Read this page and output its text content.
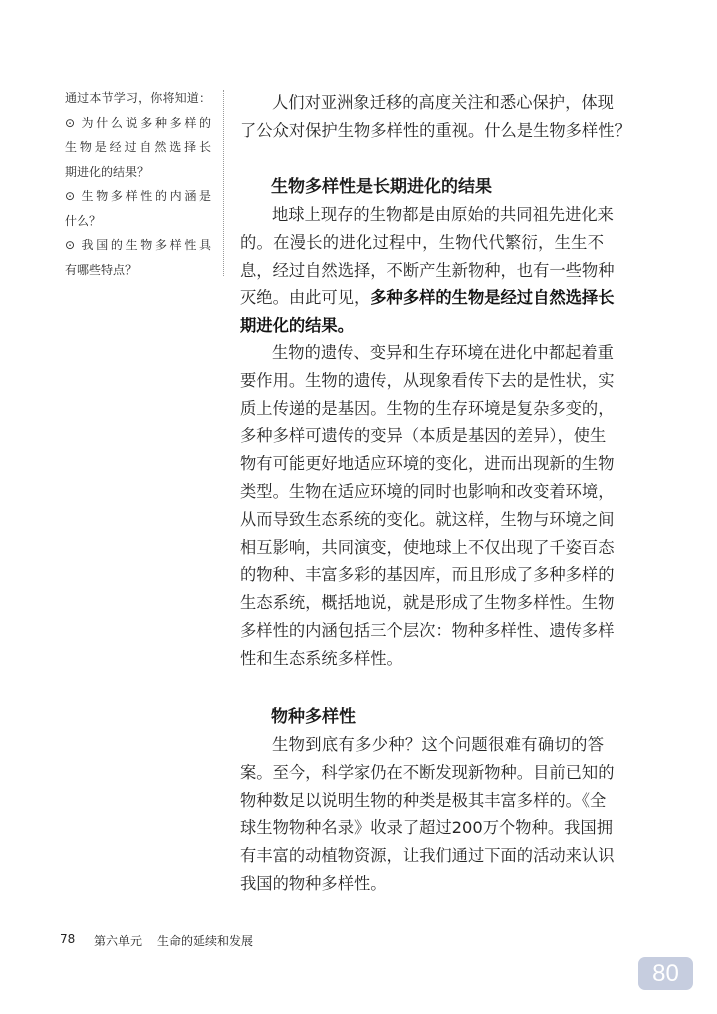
通过本节学习，你将知道：
⊙ 为什么说多种多样的
生物是经过自然选择长
期进化的结果？
⊙ 生物多样性的内涵是
什么？
⊙ 我国的生物多样性具
有哪些特点？
人们对亚洲象迁移的高度关注和悉心保护，体现
了公众对保护生物多样性的重视。什么是生物多样性？
地球上现存的生物都是由原始的共同祖先进化来
的。在漫长的进化过程中，生物代代繁衍，生生不
息，经过自然选择，不断产生新物种，也有一些物种
灭绝。由此可见，多种多样的生物是经过自然选择长
期进化的结果。
生物的遗传、变异和生存环境在进化中都起着重
要作用。生物的遗传，从现象看传下去的是性状，实
质上传递的是基因。生物的生存环境是复杂多变的，
多种多样可遗传的变异（本质是基因的差异），使生
物有可能更好地适应环境的变化，进而出现新的生物
类型。生物在适应环境的同时也影响和改变着环境，
从而导致生态系统的变化。就这样，生物与环境之间
相互影响，共同演变，使地球上不仅出现了千姿百态
的物种、丰富多彩的基因库，而且形成了多种多样的
生态系统，概括地说，就是形成了生物多样性。生物
多样性的内涵包括三个层次：物种多样性、遗传多样
性和生态系统多样性。
生物到底有多少种？这个问题很难有确切的答
案。至今，科学家仍在不断发现新物种。目前已知的
物种数足以说明生物的种类是极其丰富多样的。《全
球生物物种名录》收录了超过200万个物种。我国拥
有丰富的动植物资源，让我们通过下面的活动来认识
我国的物种多样性。
生物多样性是长期进化的结果
物种多样性
78 第六单元 生命的延续和发展
80
